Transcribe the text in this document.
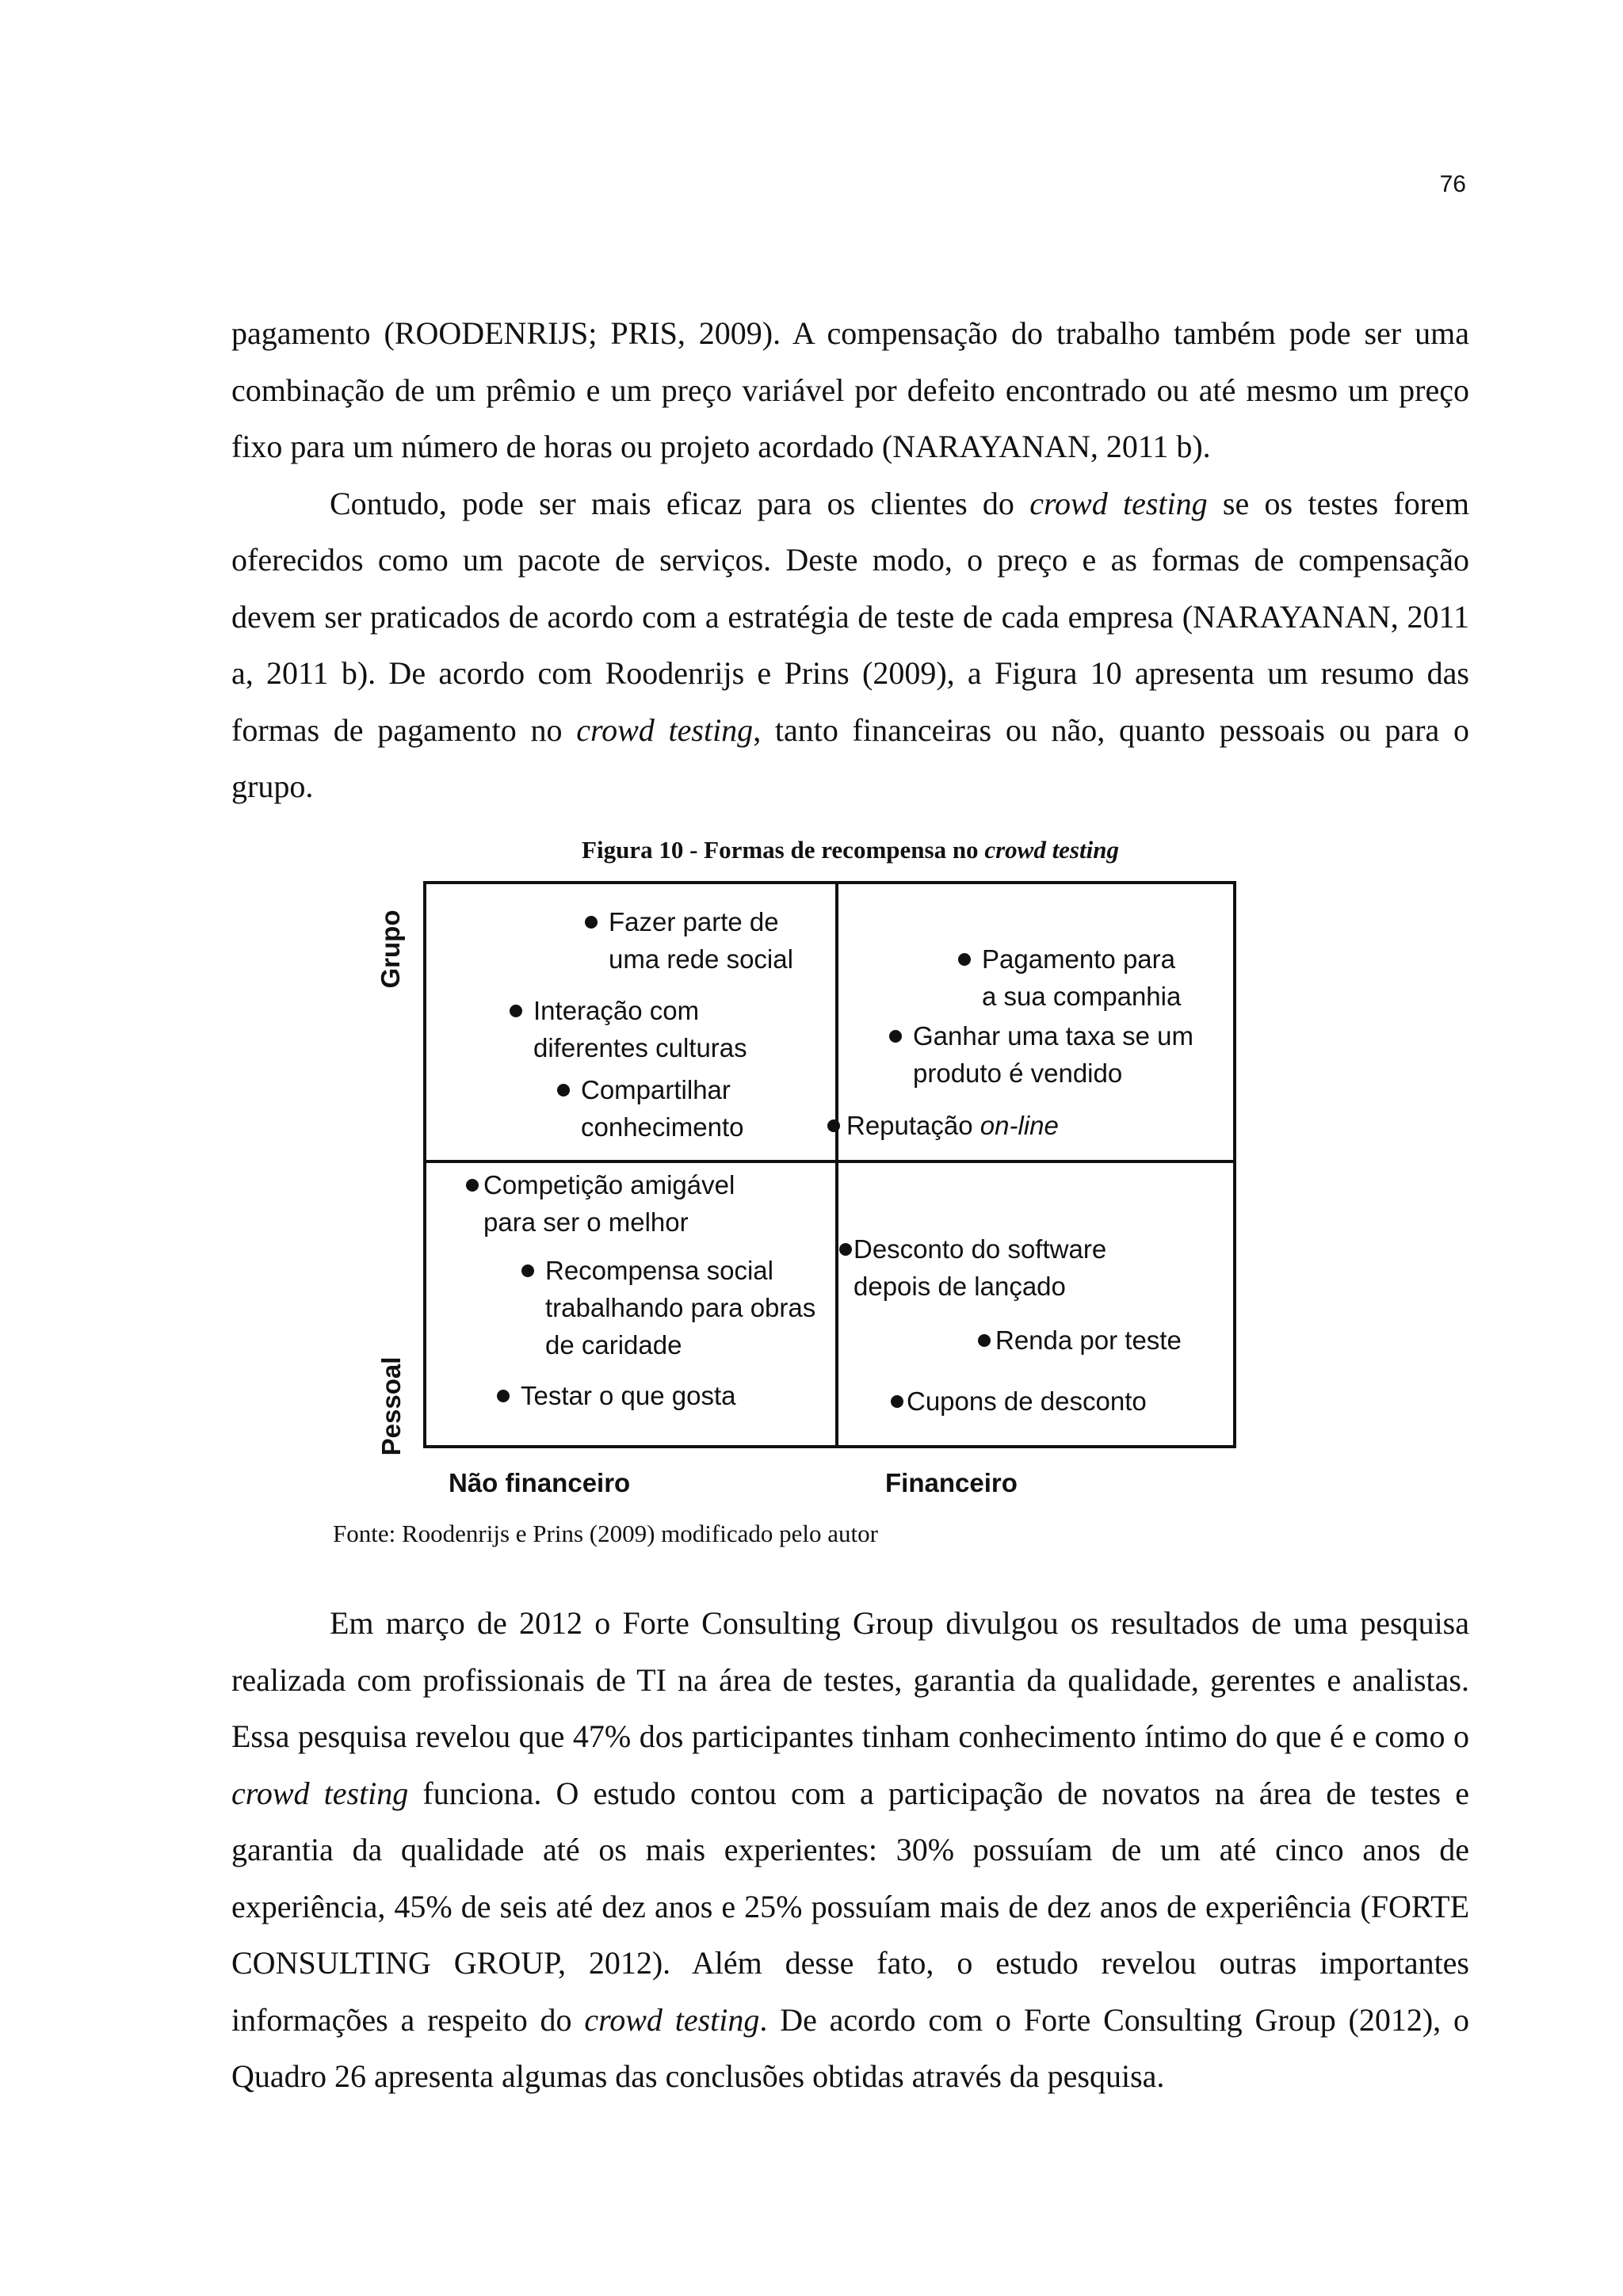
76

pagamento (ROODENRIJS; PRIS, 2009). A compensação do trabalho também pode ser uma combinação de um prêmio e um preço variável por defeito encontrado ou até mesmo um preço fixo para um número de horas ou projeto acordado (NARAYANAN, 2011 b).

Contudo, pode ser mais eficaz para os clientes do crowd testing se os testes forem oferecidos como um pacote de serviços. Deste modo, o preço e as formas de compensação devem ser praticados de acordo com a estratégia de teste de cada empresa (NARAYANAN, 2011 a, 2011 b). De acordo com Roodenrijs e Prins (2009), a Figura 10 apresenta um resumo das formas de pagamento no crowd testing, tanto financeiras ou não, quanto pessoais ou para o grupo.

Figura 10 - Formas de recompensa no crowd testing
Grupo
Pessoal
Não financeiro	Financeiro
Fazer parte de
uma rede social
Interação com
diferentes culturas
Compartilhar
conhecimento
Pagamento para
a sua companhia
Ganhar uma taxa se um
produto é vendido
Reputação on-line
Competição amigável
para ser o melhor
Recompensa social
trabalhando para obras
de caridade
Testar o que gosta
Desconto do software
depois de lançado
Renda por teste
Cupons de desconto
Fonte: Roodenrijs e Prins (2009) modificado pelo autor

Em março de 2012 o Forte Consulting Group divulgou os resultados de uma pesquisa realizada com profissionais de TI na área de testes, garantia da qualidade, gerentes e analistas. Essa pesquisa revelou que 47% dos participantes tinham conhecimento íntimo do que é e como o crowd testing funciona. O estudo contou com a participação de novatos na área de testes e garantia da qualidade até os mais experientes: 30% possuíam de um até cinco anos de experiência, 45% de seis até dez anos e 25% possuíam mais de dez anos de experiência (FORTE CONSULTING GROUP, 2012). Além desse fato, o estudo revelou outras importantes informações a respeito do crowd testing. De acordo com o Forte Consulting Group (2012), o Quadro 26 apresenta algumas das conclusões obtidas através da pesquisa.
